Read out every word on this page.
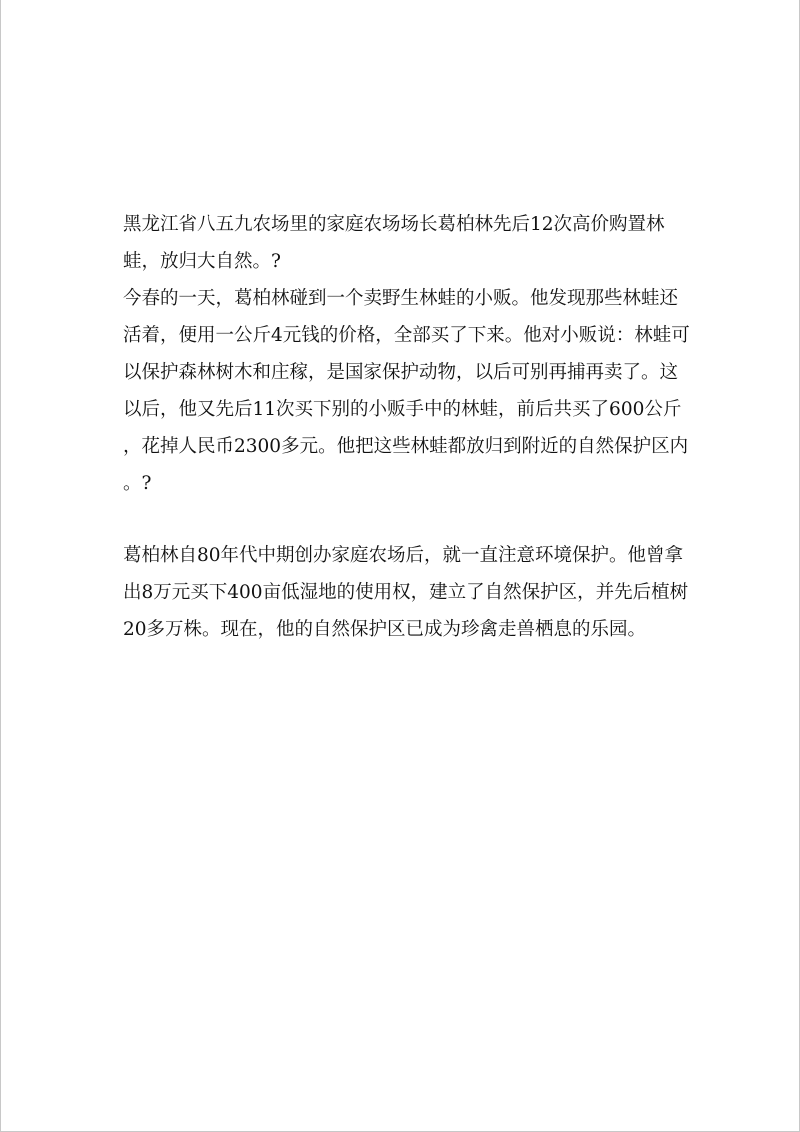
黑龙江省八五九农场里的家庭农场场长葛柏林先后12次高价购置林
蛙，放归大自然。?
今春的一天，葛柏林碰到一个卖野生林蛙的小贩。他发现那些林蛙还
活着，便用一公斤4元钱的价格，全部买了下来。他对小贩说：林蛙可
以保护森林树木和庄稼，是国家保护动物，以后可别再捕再卖了。这
以后，他又先后11次买下别的小贩手中的林蛙，前后共买了600公斤
，花掉人民币2300多元。他把这些林蛙都放归到附近的自然保护区内
。?
葛柏林自80年代中期创办家庭农场后，就一直注意环境保护。他曾拿
出8万元买下400亩低湿地的使用权，建立了自然保护区，并先后植树
20多万株。现在，他的自然保护区已成为珍禽走兽栖息的乐园。
